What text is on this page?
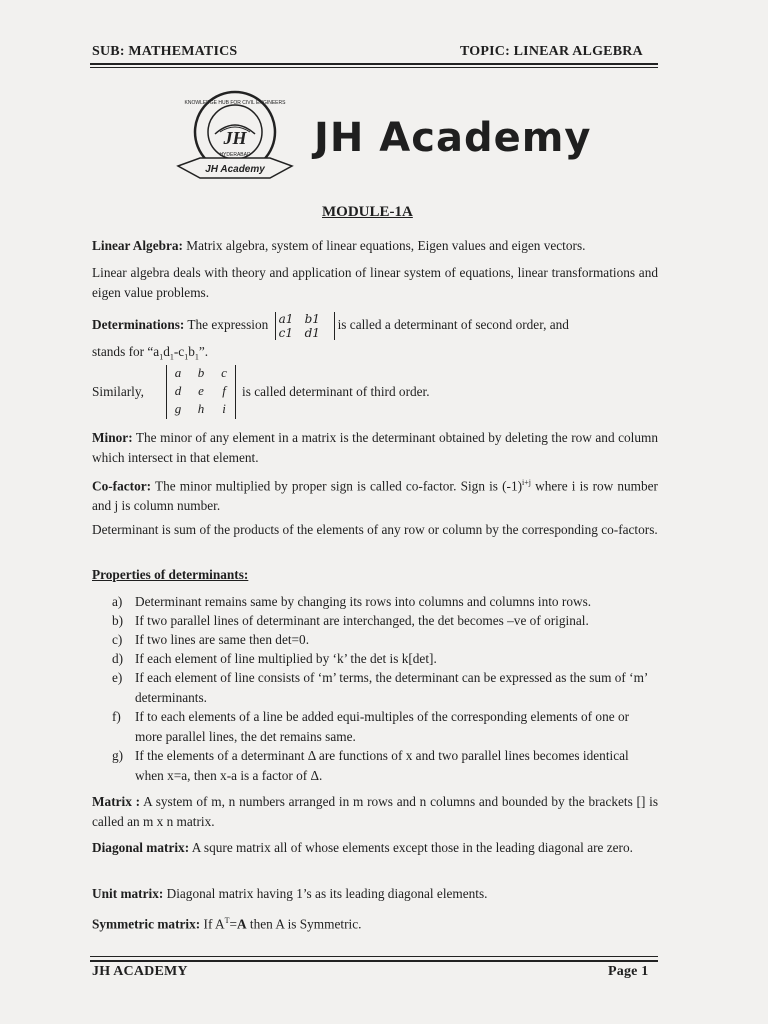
SUB: MATHEMATICS	TOPIC: LINEAR ALGEBRA
JH
JH Academy
KNOWLEDGE HUB FOR CIVIL ENGINEERS
HYDERABAD JH Academy
MODULE-1A
Linear Algebra: Matrix algebra, system of linear equations, Eigen values and eigen vectors.
Linear algebra deals with theory and application of linear system of equations, linear transformations and eigen value problems.
Determinations: The expression a1 b1
c1 d1is called a determinant of second order, and
stands for “$a_1d_1-c_1b_1$”.
Similarly,
a b	c
d	e	f
g h	i
is called determinant of third order.
Minor: The minor of any element in a matrix is the determinant obtained by deleting the row and column which intersect in that element.
Co-factor: The minor multiplied by proper sign is called co-factor. Sign is $(-1)^{i+j}$ where i is row number and j is column number.
Determinant is sum of the products of the elements of any row or column by the corresponding co-factors.
Properties of determinants:
a) Determinant remains same by changing its rows into columns and columns into rows.
b) If two parallel lines of determinant are interchanged, the det becomes –ve of original.
c) If two lines are same then det=0.
d) If each element of line multiplied by ‘k’ the det is k[det].
e) If each element of line consists of ‘m’ terms, the determinant can be expressed as the sum of ‘m’ determinants.
f) If to each elements of a line be added equi-multiples of the corresponding elements of one or more parallel lines, the det remains same.
g) If the elements of a determinant Δ are functions of x and two parallel lines becomes identical when x=a, then x-a is a factor of Δ.
Matrix : A system of m, n numbers arranged in m rows and n columns and bounded by the brackets [] is called an m x n matrix.
Diagonal matrix: A squre matrix all of whose elements except those in the leading diagonal are zero.
Unit matrix: Diagonal matrix having 1’s as its leading diagonal elements.
Symmetric matrix: If $A^T=A$ then A is Symmetric.
JH ACADEMY	Page 1
